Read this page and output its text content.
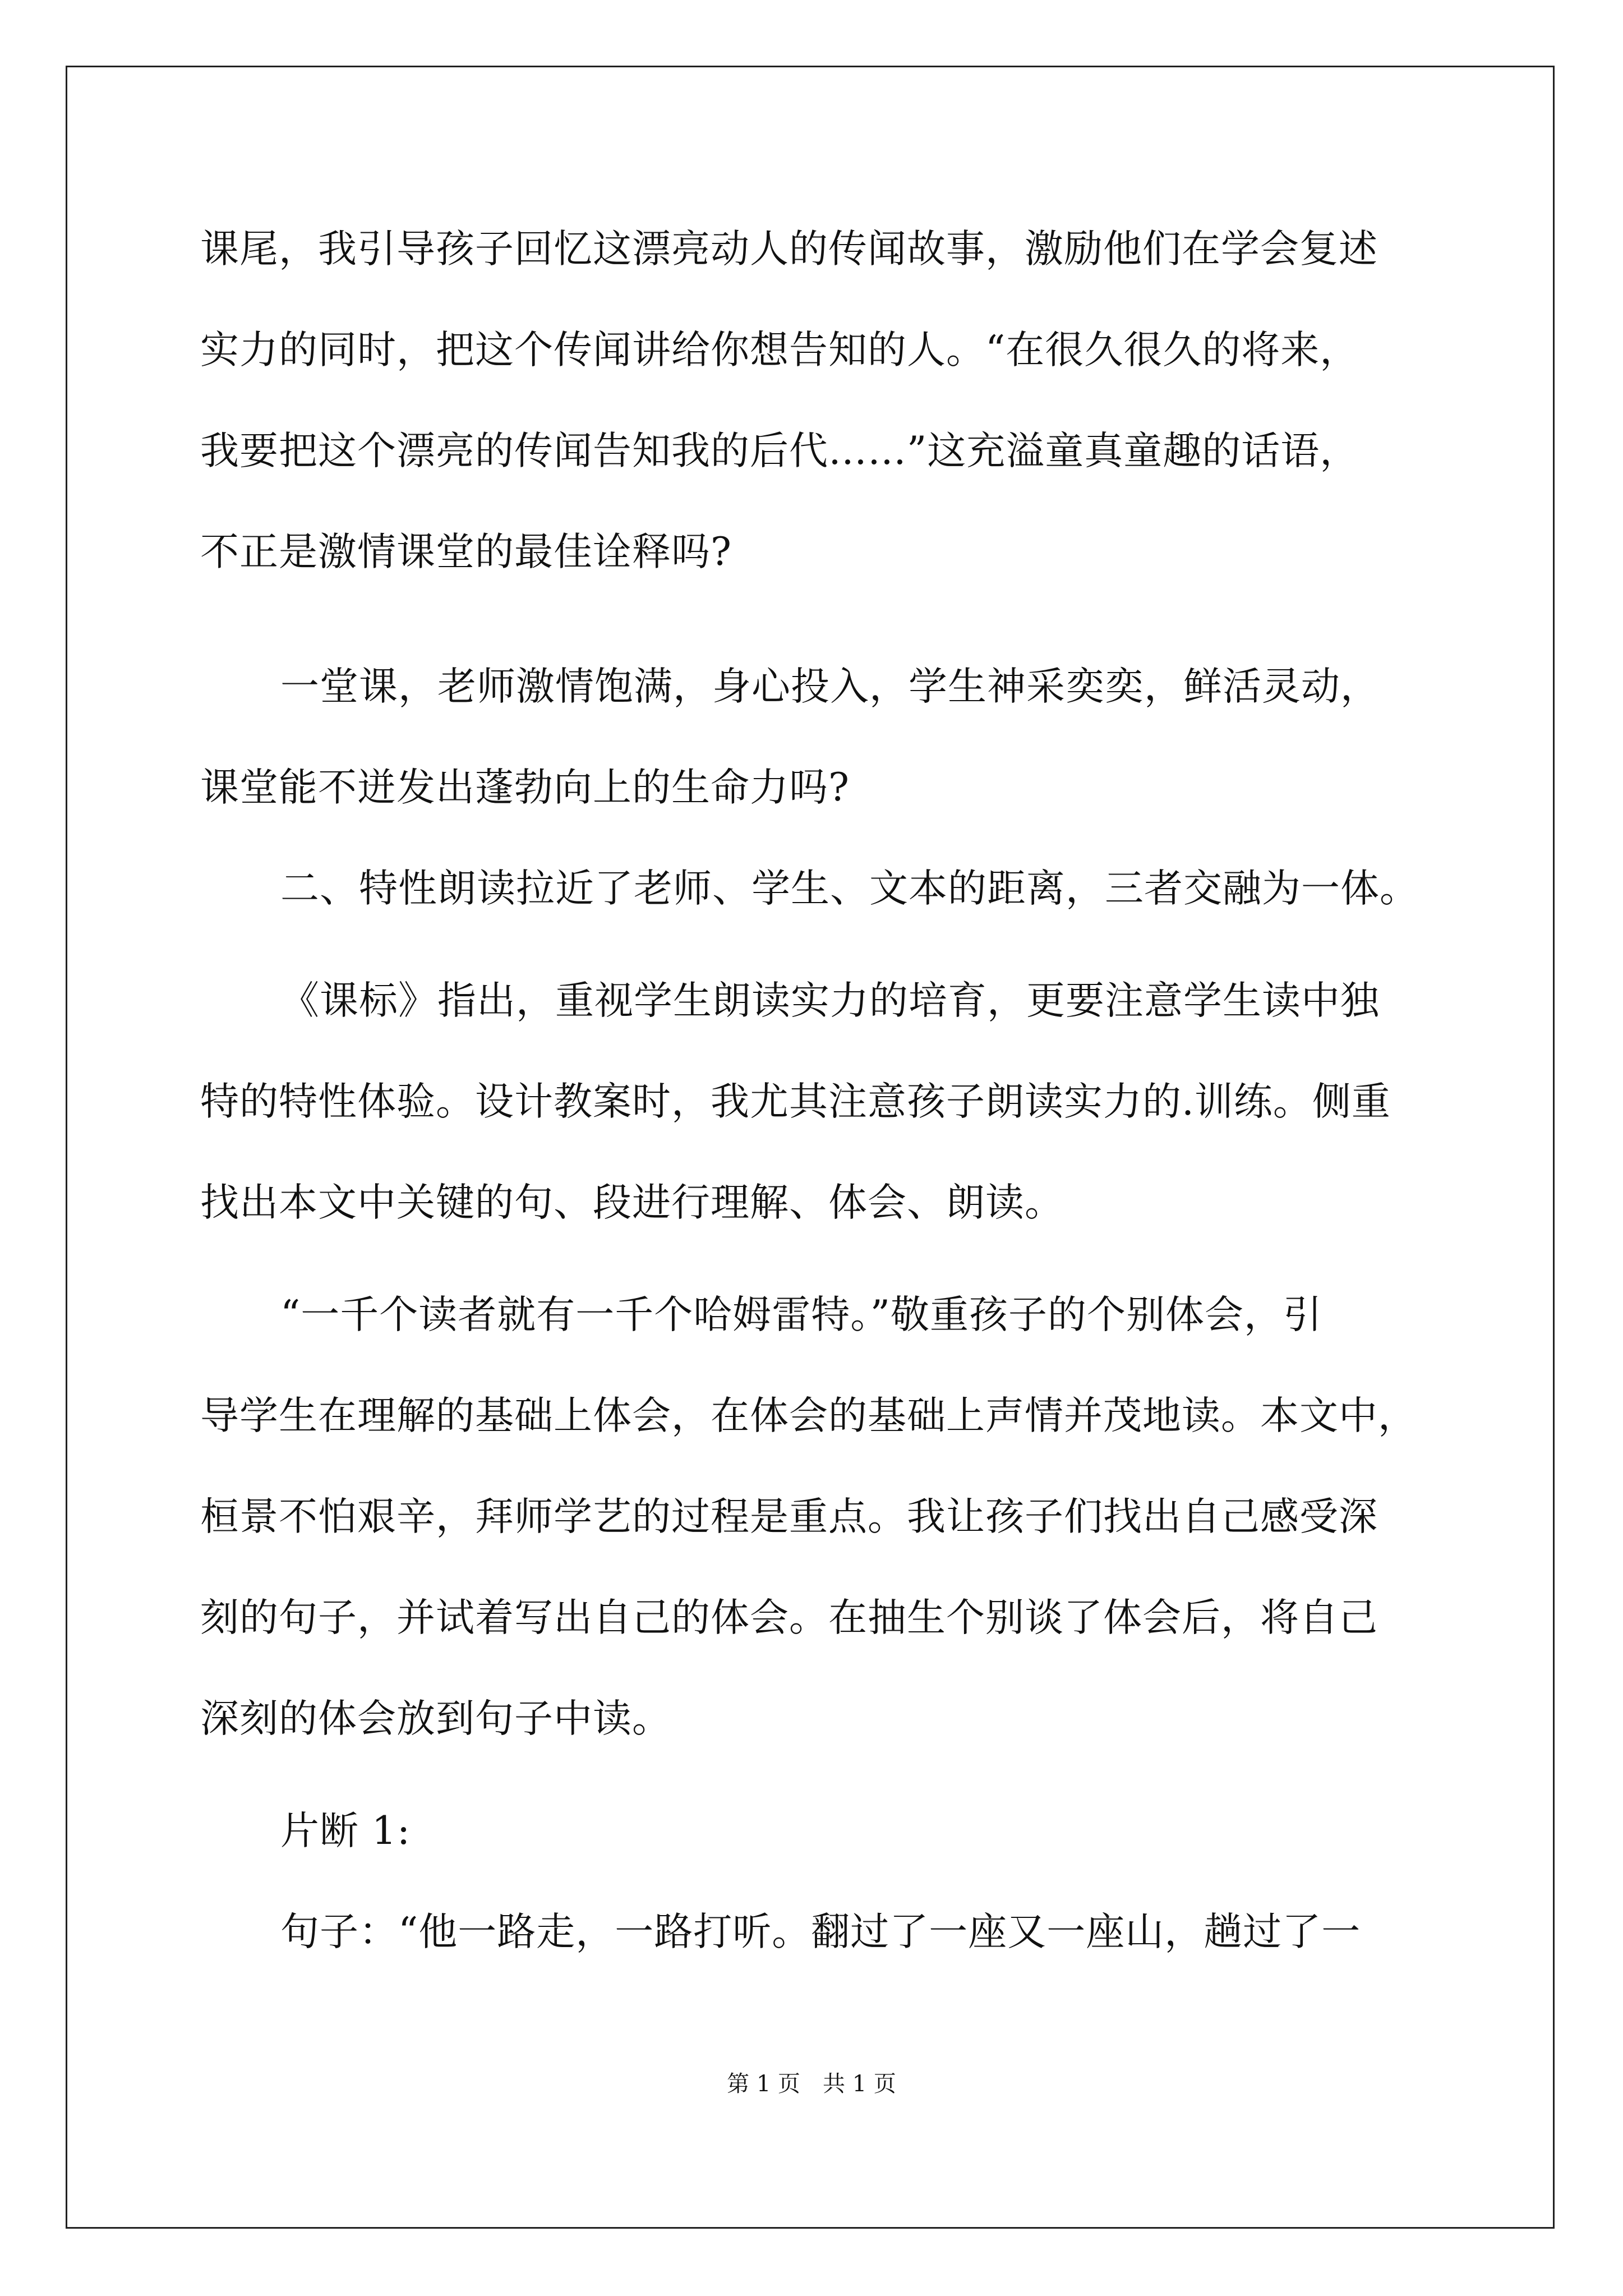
课尾，我引导孩子回忆这漂亮动人的传闻故事，激励他们在学会复述
实力的同时，把这个传闻讲给你想告知的人。“在很久很久的将来，
我要把这个漂亮的传闻告知我的后代……”这充溢童真童趣的话语，
不正是激情课堂的最佳诠释吗?
一堂课，老师激情饱满，身心投入，学生神采奕奕，鲜活灵动，
课堂能不迸发出蓬勃向上的生命力吗?
二、特性朗读拉近了老师、学生、文本的距离，三者交融为一体。
《课标》指出，重视学生朗读实力的培育，更要注意学生读中独
特的特性体验。设计教案时，我尤其注意孩子朗读实力的.训练。侧重
找出本文中关键的句、段进行理解、体会、朗读。
“一千个读者就有一千个哈姆雷特。”敬重孩子的个别体会，引
导学生在理解的基础上体会，在体会的基础上声情并茂地读。本文中，
桓景不怕艰辛，拜师学艺的过程是重点。我让孩子们找出自己感受深
刻的句子，并试着写出自己的体会。在抽生个别谈了体会后，将自己
深刻的体会放到句子中读。
片断 1:
句子：“他一路走，一路打听。翻过了一座又一座山，趟过了一
第 1 页　共 1 页
